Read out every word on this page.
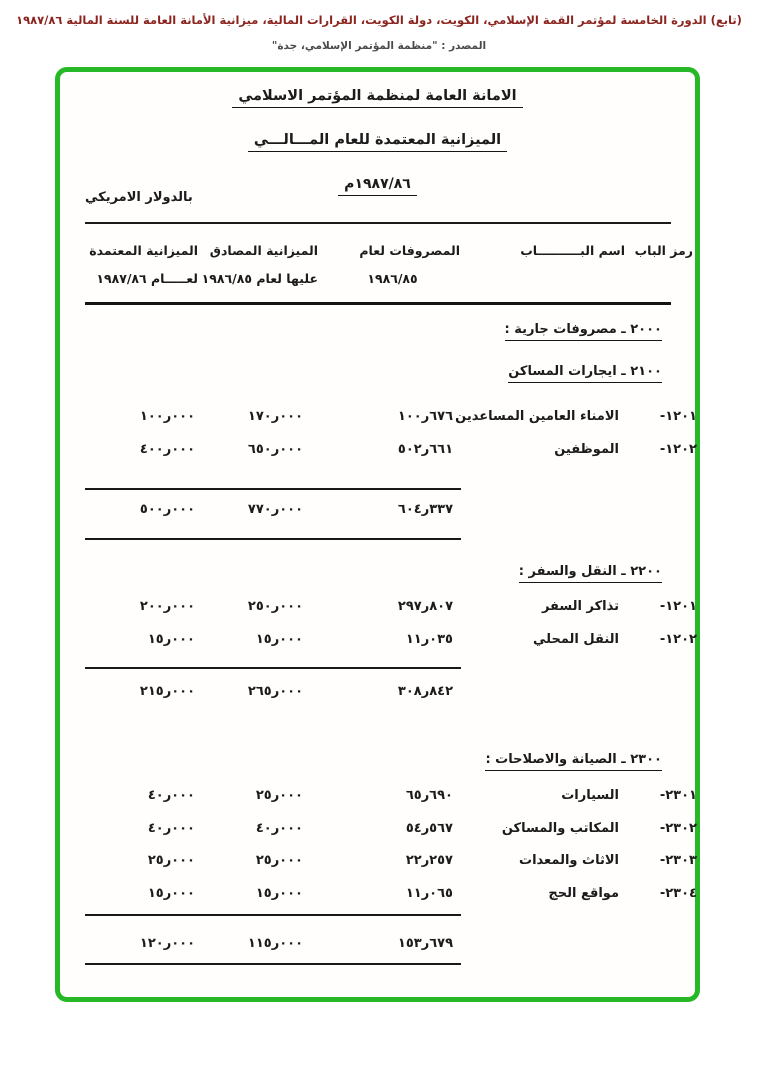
(تابع) الدورة الخامسة لمؤتمر القمة الإسلامي، الكويت، دولة الكويت، القرارات المالية، ميزانية الأمانة العامة للسنة المالية ١٩٨٧/٨٦
المصدر : "منظمة المؤتمر الإسلامي، جدة"
الامانة العامة لمنظمة المؤتمر الاسلامي
الميزانية المعتمدة للعام المـــالـــي
١٩٨٧/٨٦م
بالدولار الامريكي
رمز الباب
اسم البــــــــــاب
المصروفات لعام
١٩٨٦/٨٥
الميزانية المصادق
عليها لعام ١٩٨٦/٨٥
الميزانية المعتمدة
لعـــــام ١٩٨٧/٨٦
٢٠٠٠ ـ مصروفات جارية :
٢١٠٠ ـ ايجارات المساكن
١٢٠١-
الامناء العامين المساعدين
١٠٠ر٦٧٦
١٧٠ر٠٠٠
١٠٠ر٠٠٠
١٢٠٢-
الموظفين
٥٠٢ر٦٦١
٦٥٠ر٠٠٠
٤٠٠ر٠٠٠
٦٠٤ر٣٣٧
٧٧٠ر٠٠٠
٥٠٠ر٠٠٠
٢٢٠٠ ـ النقل والسفر :
١٢٠١-
تذاكر السفر
٢٩٧ر٨٠٧
٢٥٠ر٠٠٠
٢٠٠ر٠٠٠
١٢٠٢-
النقل المحلي
١١ر٠٣٥
١٥ر٠٠٠
١٥ر٠٠٠
٣٠٨ر٨٤٢
٢٦٥ر٠٠٠
٢١٥ر٠٠٠
٢٣٠٠ ـ الصيانة والاصلاحات :
٢٣٠١-
السيارات
٦٥ر٦٩٠
٢٥ر٠٠٠
٤٠ر٠٠٠
٢٣٠٢-
المكاتب والمساكن
٥٤ر٥٦٧
٤٠ر٠٠٠
٤٠ر٠٠٠
٢٣٠٣-
الاثاث والمعدات
٢٢ر٢٥٧
٢٥ر٠٠٠
٢٥ر٠٠٠
٢٣٠٤-
مواقع الحج
١١ر٠٦٥
١٥ر٠٠٠
١٥ر٠٠٠
١٥٣ر٦٧٩
١١٥ر٠٠٠
١٢٠ر٠٠٠
